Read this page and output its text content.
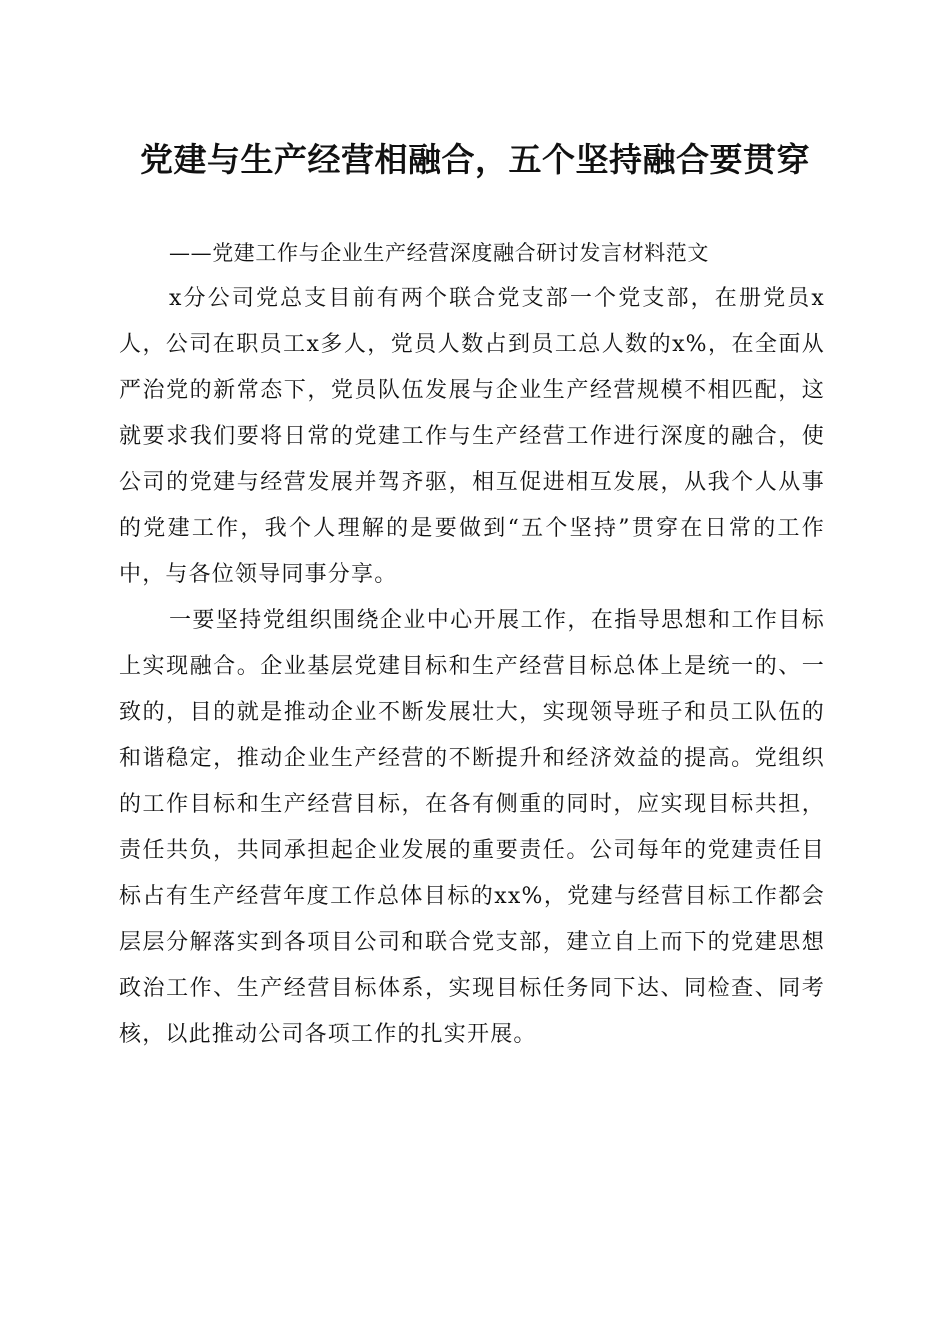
党建与生产经营相融合，五个坚持融合要贯穿

——党建工作与企业生产经营深度融合研讨发言材料范文

x分公司党总支目前有两个联合党支部一个党支部，在册党员x人，公司在职员工x多人，党员人数占到员工总人数的x%，在全面从严治党的新常态下，党员队伍发展与企业生产经营规模不相匹配，这就要求我们要将日常的党建工作与生产经营工作进行深度的融合，使公司的党建与经营发展并驾齐驱，相互促进相互发展，从我个人从事的党建工作，我个人理解的是要做到“五个坚持”贯穿在日常的工作中，与各位领导同事分享。

一要坚持党组织围绕企业中心开展工作，在指导思想和工作目标上实现融合。企业基层党建目标和生产经营目标总体上是统一的、一致的，目的就是推动企业不断发展壮大，实现领导班子和员工队伍的和谐稳定，推动企业生产经营的不断提升和经济效益的提高。党组织的工作目标和生产经营目标，在各有侧重的同时，应实现目标共担，责任共负，共同承担起企业发展的重要责任。公司每年的党建责任目标占有生产经营年度工作总体目标的xx%，党建与经营目标工作都会层层分解落实到各项目公司和联合党支部，建立自上而下的党建思想政治工作、生产经营目标体系，实现目标任务同下达、同检查、同考核，以此推动公司各项工作的扎实开展。
